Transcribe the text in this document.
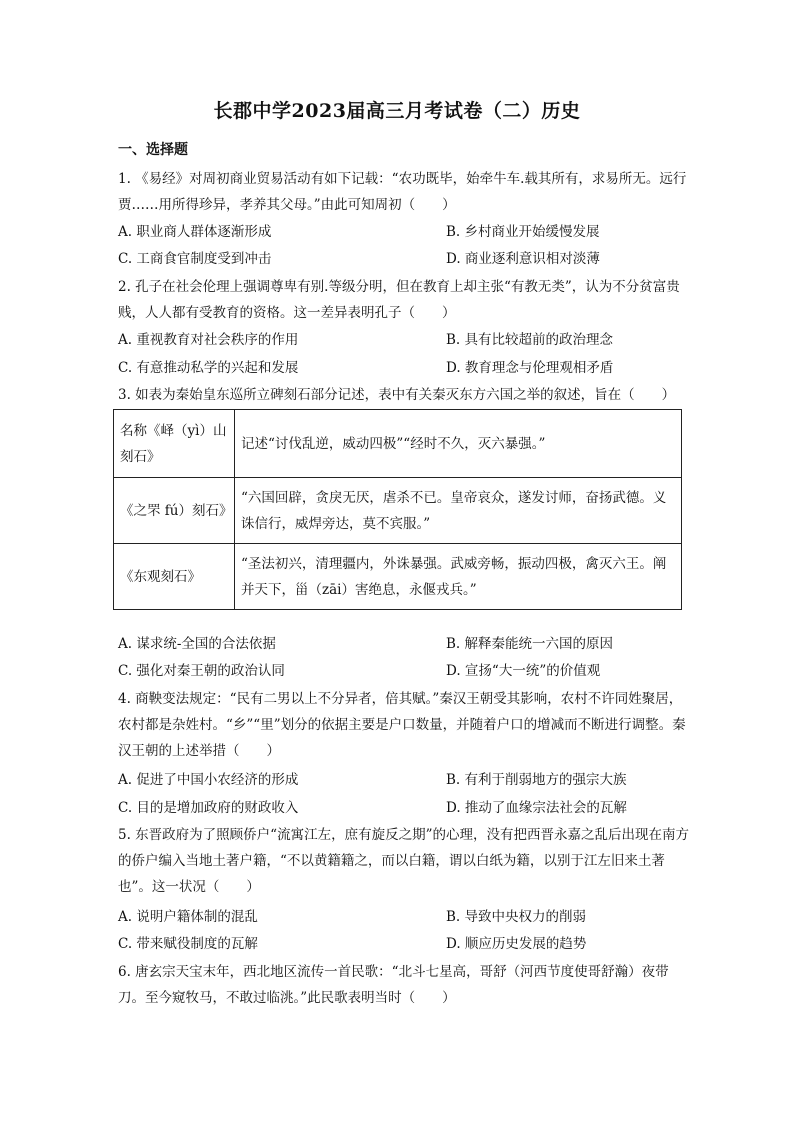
长郡中学2023届高三月考试卷（二）历史
一、选择题
1. 《易经》对周初商业贸易活动有如下记载：“农功既毕，始牵牛车.载其所有，求易所无。远行贾……用所得珍异，孝养其父母。”由此可知周初（　　）
A. 职业商人群体逐渐形成	B. 乡村商业开始缓慢发展
C. 工商食官制度受到冲击	D. 商业逐利意识相对淡薄
2. 孔子在社会伦理上强调尊卑有别.等级分明，但在教育上却主张“有教无类”，认为不分贫富贵贱，人人都有受教育的资格。这一差异表明孔子（　　）
A. 重视教育对社会秩序的作用	B. 具有比较超前的政治理念
C. 有意推动私学的兴起和发展	D. 教育理念与伦理观相矛盾
3. 如表为秦始皇东巡所立碑刻石部分记述，表中有关秦灭东方六国之举的叙述，旨在（　　）
名称《峄（yì）山刻石》	记述“讨伐乱逆，威动四极”“经时不久，灭六暴强。”
《之罘 fú）刻石》	“六国回辟，贪戾无厌，虐杀不已。皇帝哀众，遂发讨师，奋扬武德。义诛信行，威焊旁达，莫不宾服。”
《东观刻石》	“圣法初兴，清理疆内，外诛暴强。武威旁畅，振动四极，禽灭六王。阐并天下，甾（zāi）害绝息，永偃戎兵。”
A. 谋求统-全国的合法依据	B. 解释秦能统一六国的原因
C. 强化对秦王朝的政治认同	D. 宣扬“大一统”的价值观
4. 商鞅变法规定：“民有二男以上不分异者，倍其赋。”秦汉王朝受其影响，农村不许同姓聚居，农村都是杂姓村。“乡”“里”划分的依据主要是户口数量，并随着户口的增减而不断进行调整。秦汉王朝的上述举措（　　）
A. 促进了中国小农经济的形成	B. 有利于削弱地方的强宗大族
C. 目的是增加政府的财政收入	D. 推动了血缘宗法社会的瓦解
5. 东晋政府为了照顾侨户“流寓江左，庶有旋反之期”的心理，没有把西晋永嘉之乱后出现在南方的侨户编入当地土著户籍，“不以黄籍籍之，而以白籍，谓以白纸为籍，以别于江左旧来土著也”。这一状况（　　）
A. 说明户籍体制的混乱	B. 导致中央权力的削弱
C. 带来赋役制度的瓦解	D. 顺应历史发展的趋势
6. 唐玄宗天宝末年，西北地区流传一首民歌：“北斗七星高，哥舒（河西节度使哥舒瀚）夜带刀。至今窥牧马，不敢过临洮。”此民歌表明当时（　　）
